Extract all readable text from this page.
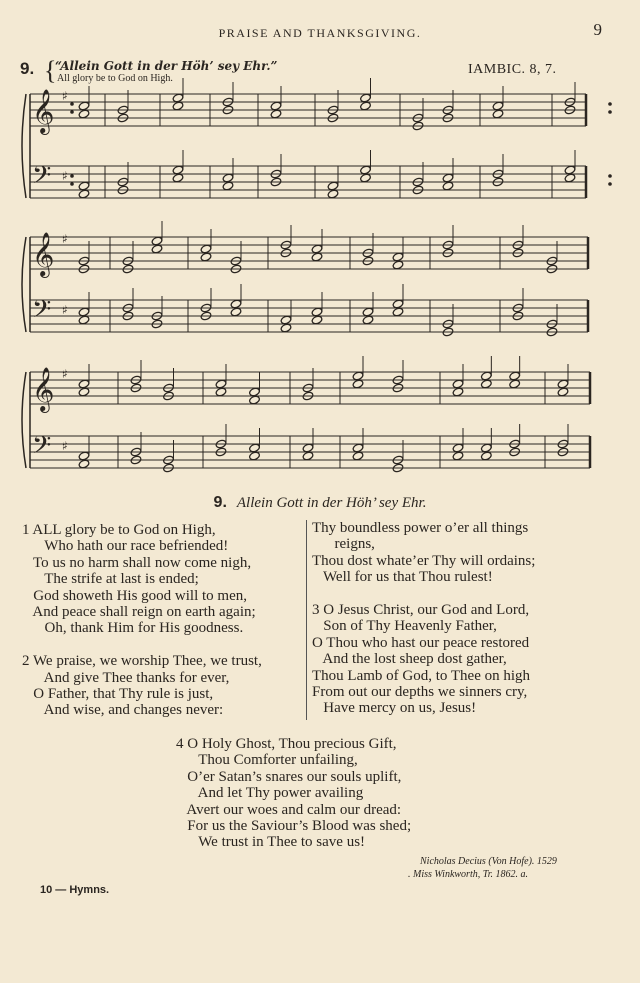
PRAISE AND THANKSGIVING.	9
9. {
“Allein Gott in der Höh’ sey Ehr.”
All glory be to God on High.
IAMBIC. 8, 7.
𝄞 ♯
𝄢 ♯
𝄞 ♯
𝄢 ♯
𝄞 ♯
𝄢 ♯
9. Allein Gott in der Höh’ sey Ehr.
1 ALL glory be to God on High,
Who hath our race befriended!
To us no harm shall now come nigh,
The strife at last is ended;
God showeth His good will to men,
And peace shall reign on earth again;
Oh, thank Him for His goodness.

2 We praise, we worship Thee, we trust,
And give Thee thanks for ever,
O Father, that Thy rule is just,
And wise, and changes never:
Thy boundless power o’er all things
reigns,
Thou dost whate’er Thy will ordains;
Well for us that Thou rulest!

3 O Jesus Christ, our God and Lord,
Son of Thy Heavenly Father,
O Thou who hast our peace restored
And the lost sheep dost gather,
Thou Lamb of God, to Thee on high
From out our depths we sinners cry,
Have mercy on us, Jesus!
4 O Holy Ghost, Thou precious Gift,
Thou Comforter unfailing,
O’er Satan’s snares our souls uplift,
And let Thy power availing
Avert our woes and calm our dread:
For us the Saviour’s Blood was shed;
We trust in Thee to save us!
Nicholas Decius (Von Hofe). 1529
. Miss Winkworth, Tr. 1862. a.
10 — Hymns.
